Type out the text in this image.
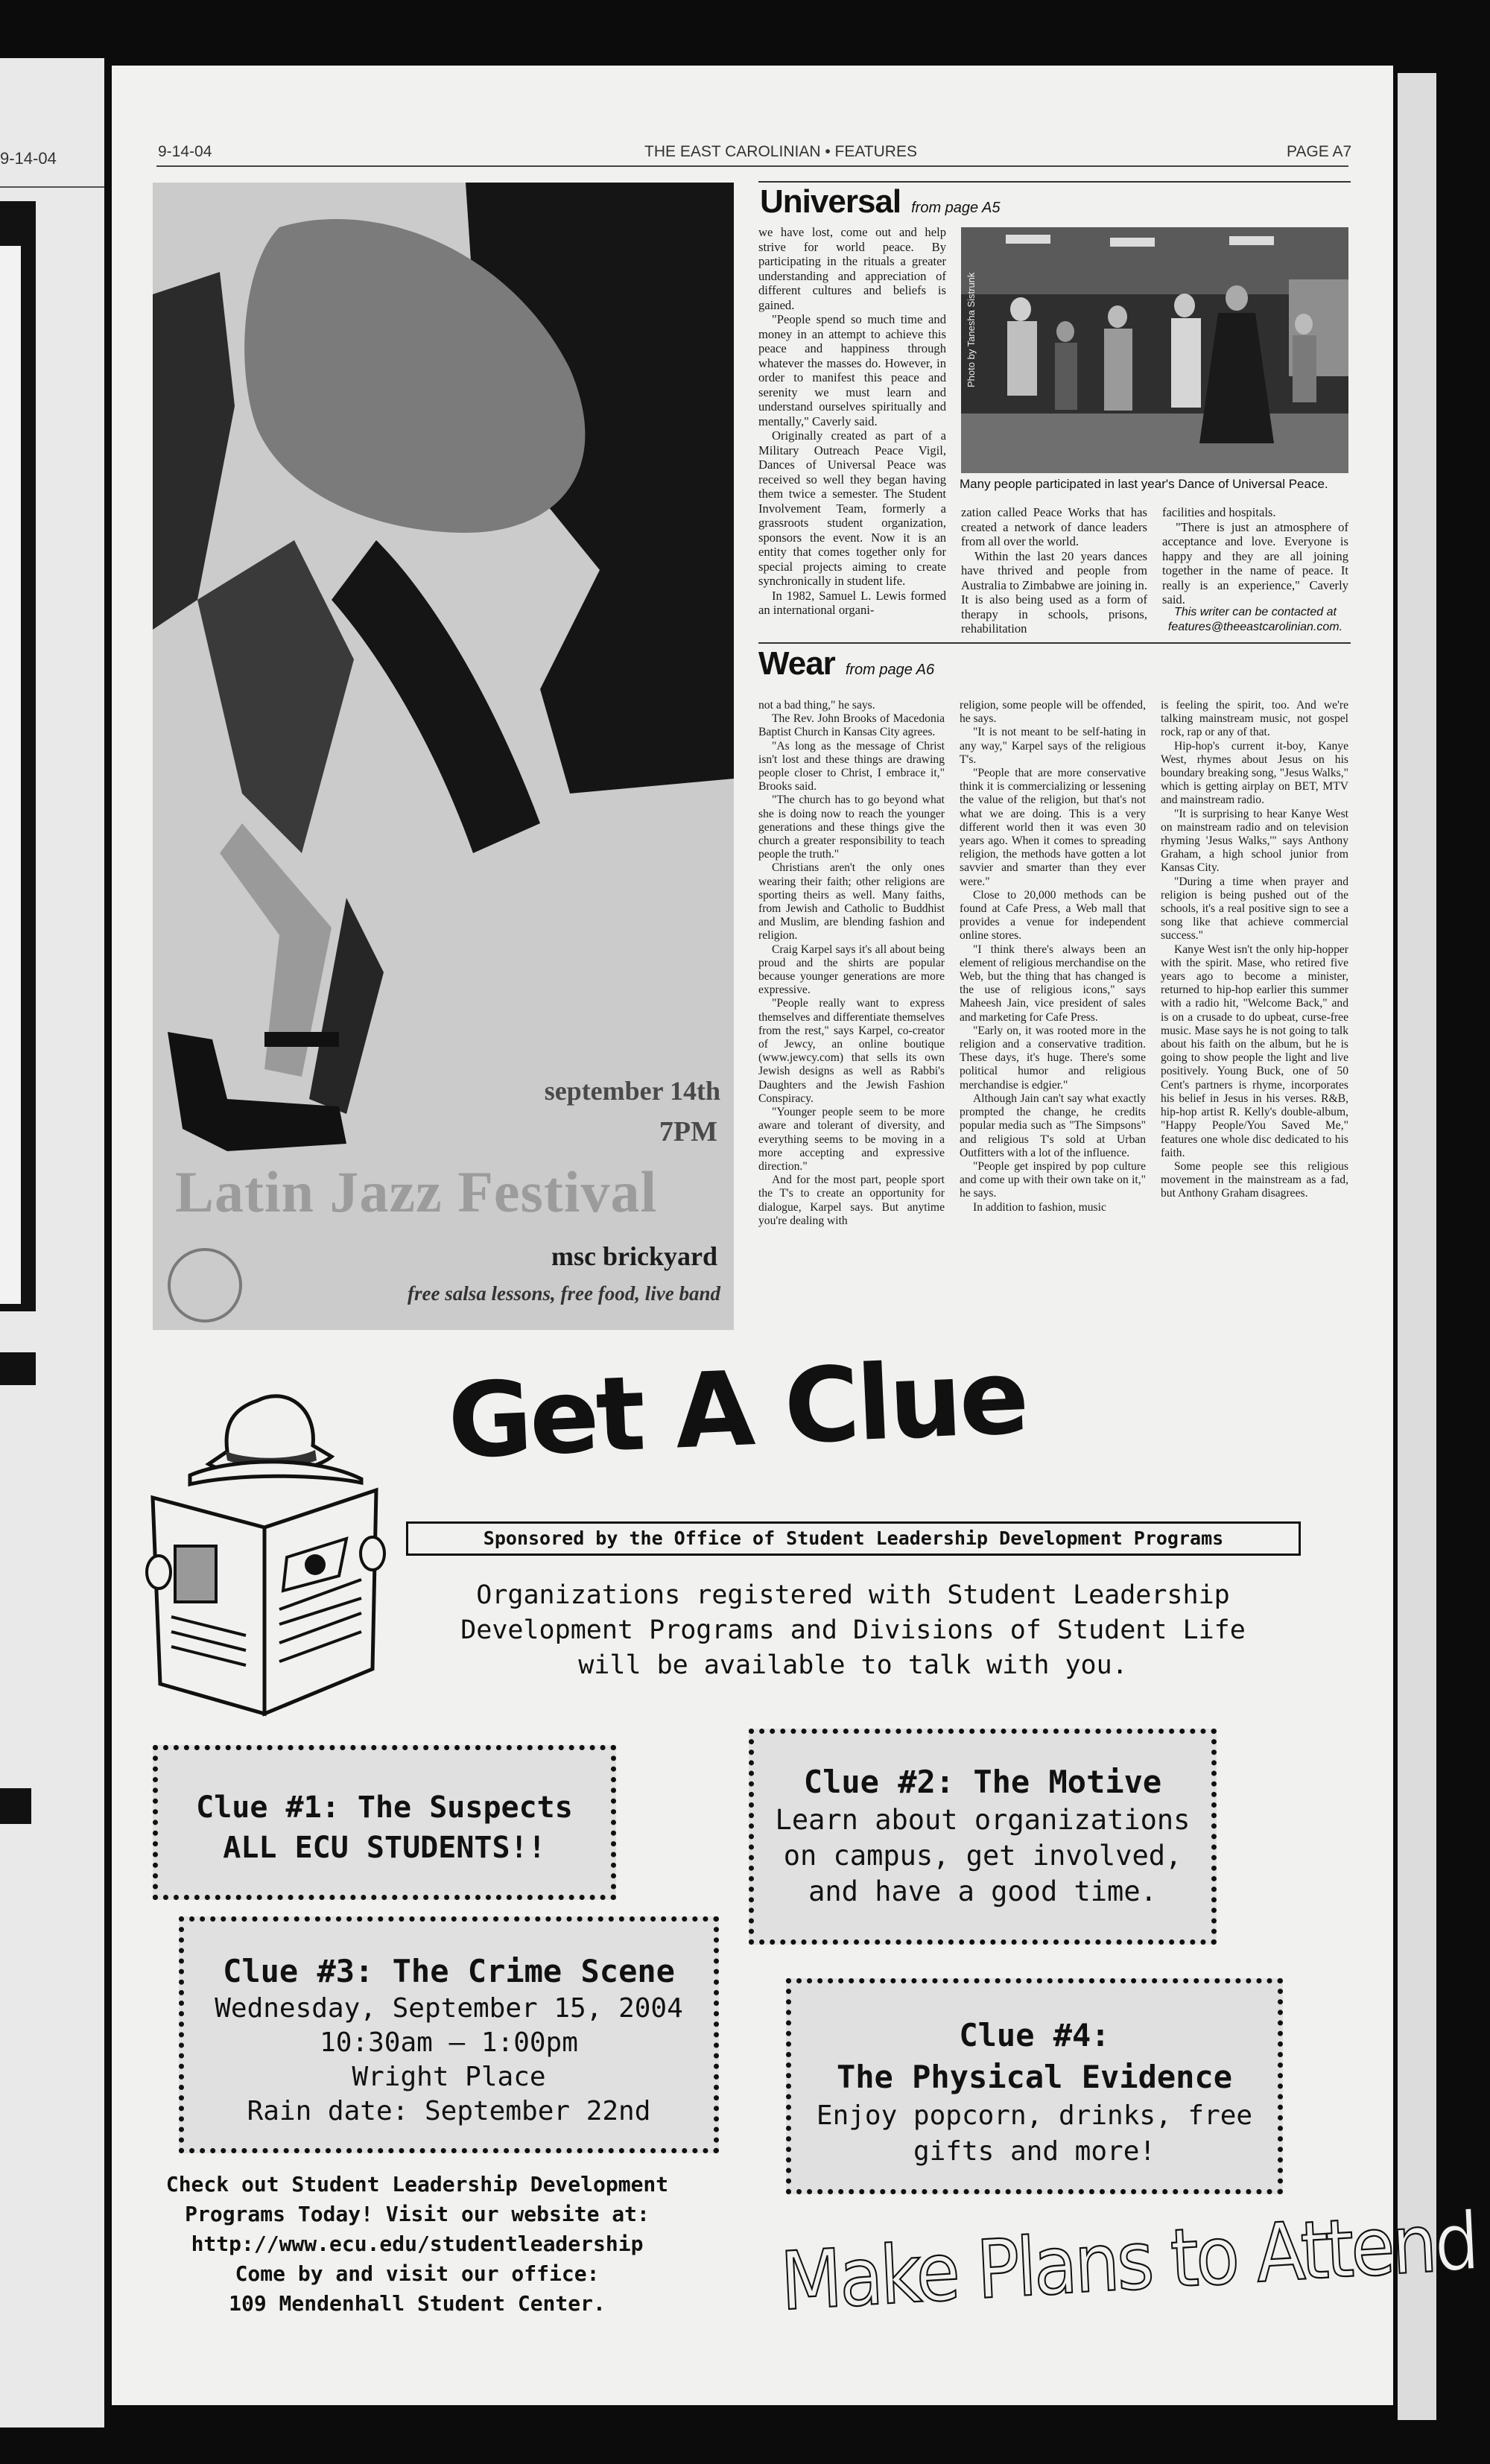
9-14-04	9-14-04	THE EAST CAROLINIAN • FEATURES	PAGE A7
september 14th
7PM
Latin Jazz Festival
msc brickyard
free salsa lessons, free food, live band
Universal from page A5

we have lost, come out and help strive for world peace. By participating in the rituals a greater understanding and appreciation of different cultures and beliefs is gained.

"People spend so much time and money in an attempt to achieve this peace and happiness through whatever the masses do. However, in order to manifest this peace and serenity we must learn and understand ourselves spiritually and mentally," Caverly said.

Originally created as part of a Military Outreach Peace Vigil, Dances of Universal Peace was received so well they began having them twice a semester. The Student Involvement Team, formerly a grassroots student organization, sponsors the event. Now it is an entity that comes together only for special projects aiming to create synchronically in student life.

In 1982, Samuel L. Lewis formed an international organi-

Photo by Tanesha Sistrunk
Many people participated in last year's Dance of Universal Peace.

zation called Peace Works that has created a network of dance leaders from all over the world.

Within the last 20 years dances have thrived and people from Australia to Zimbabwe are joining in. It is also being used as a form of therapy in schools, prisons, rehabilitation

facilities and hospitals.

"There is just an atmosphere of acceptance and love. Everyone is happy and they are all joining together in the name of peace. It really is an experience," Caverly said.

This writer can be contacted at features@theeastcarolinian.com.
Wear from page A6

not a bad thing," he says.

The Rev. John Brooks of Macedonia Baptist Church in Kansas City agrees.

"As long as the message of Christ isn't lost and these things are drawing people closer to Christ, I embrace it," Brooks said.

"The church has to go beyond what she is doing now to reach the younger generations and these things give the church a greater responsibility to teach people the truth."

Christians aren't the only ones wearing their faith; other religions are sporting theirs as well. Many faiths, from Jewish and Catholic to Buddhist and Muslim, are blending fashion and religion.

Craig Karpel says it's all about being proud and the shirts are popular because younger generations are more expressive.

"People really want to express themselves and differentiate themselves from the rest," says Karpel, co-creator of Jewcy, an online boutique (www.jewcy.com) that sells its own Jewish designs as well as Rabbi's Daughters and the Jewish Fashion Conspiracy.

"Younger people seem to be more aware and tolerant of diversity, and everything seems to be moving in a more accepting and expressive direction."

And for the most part, people sport the T's to create an opportunity for dialogue, Karpel says. But anytime you're dealing with

religion, some people will be offended, he says.

"It is not meant to be self-hating in any way," Karpel says of the religious T's.

"People that are more conservative think it is commercializing or lessening the value of the religion, but that's not what we are doing. This is a very different world then it was even 30 years ago. When it comes to spreading religion, the methods have gotten a lot savvier and smarter than they ever were."

Close to 20,000 methods can be found at Cafe Press, a Web mall that provides a venue for independent online stores.

"I think there's always been an element of religious merchandise on the Web, but the thing that has changed is the use of religious icons," says Maheesh Jain, vice president of sales and marketing for Cafe Press.

"Early on, it was rooted more in the religion and a conservative tradition. These days, it's huge. There's some political humor and religious merchandise is edgier."

Although Jain can't say what exactly prompted the change, he credits popular media such as "The Simpsons" and religious T's sold at Urban Outfitters with a lot of the influence.

"People get inspired by pop culture and come up with their own take on it," he says.

In addition to fashion, music

is feeling the spirit, too. And we're talking mainstream music, not gospel rock, rap or any of that.

Hip-hop's current it-boy, Kanye West, rhymes about Jesus on his boundary breaking song, "Jesus Walks," which is getting airplay on BET, MTV and mainstream radio.

"It is surprising to hear Kanye West on mainstream radio and on television rhyming 'Jesus Walks,'" says Anthony Graham, a high school junior from Kansas City.

"During a time when prayer and religion is being pushed out of the schools, it's a real positive sign to see a song like that achieve commercial success."

Kanye West isn't the only hip-hopper with the spirit. Mase, who retired five years ago to become a minister, returned to hip-hop earlier this summer with a radio hit, "Welcome Back," and is on a crusade to do upbeat, curse-free music. Mase says he is not going to talk about his faith on the album, but he is going to show people the light and live positively. Young Buck, one of 50 Cent's partners is rhyme, incorporates his belief in Jesus in his verses. R&B, hip-hop artist R. Kelly's double-album, "Happy People/You Saved Me," features one whole disc dedicated to his faith.

Some people see this religious movement in the mainstream as a fad, but Anthony Graham disagrees.

Get A Clue
Sponsored by the Office of Student Leadership Development Programs
Organizations registered with Student Leadership
Development Programs and Divisions of Student Life
will be available to talk with you.
Clue #1: The Suspects
ALL ECU STUDENTS!!
Clue #2: The Motive
Learn about organizations
on campus, get involved,
and have a good time.
Clue #3: The Crime Scene
Wednesday, September 15, 2004
10:30am – 1:00pm
Wright Place
Rain date: September 22nd
Clue #4:
The Physical Evidence
Enjoy popcorn, drinks, free
gifts and more!
Check out Student Leadership Development
Programs Today! Visit our website at:
http://www.ecu.edu/studentleadership
Come by and visit our office:
109 Mendenhall Student Center.	Make Plans to Attend
